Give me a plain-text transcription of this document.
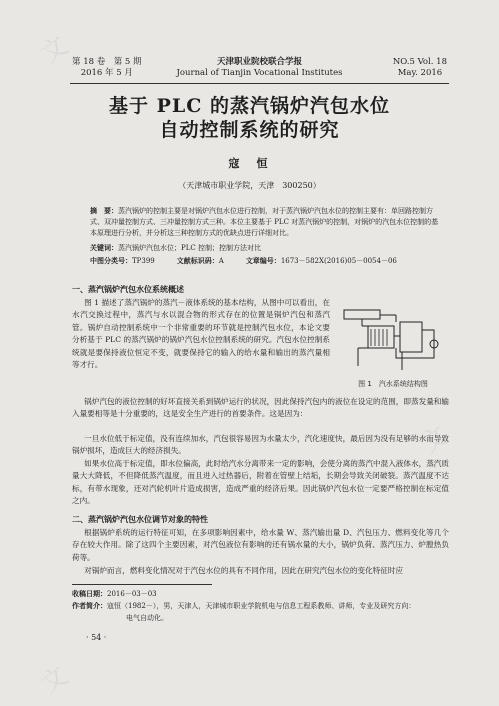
文
文
文
第 18 卷　第 5 期
2016 年 5 月
天津职业院校联合学报
Journal of Tianjin Vocational Institutes
NO.5 Vol. 18
May. 2016
基于 PLC 的蒸汽锅炉汽包水位
自动控制系统的研究
寇　恒
（天津城市职业学院，天津　300250）
摘　要：蒸汽锅炉的控制主要是对锅炉汽包水位进行控制，对于蒸汽锅炉汽包水位的控制主要有：单回路控制方式、双冲量控制方式、三冲量控制方式三种。本位主要基于 PLC 对蒸汽锅炉的控制，对锅炉的汽包水位控制的基本原理进行分析，并分析这三种控制方式的优缺点进行详细对比。
关键词：蒸汽锅炉汽包水位；PLC 控制；控制方法对比
中图分类号：TP399	文献标识码：A	文章编号：1673－582X(2016)05－0054－06
一、蒸汽锅炉汽包水位系统概述
图 1 描述了蒸汽锅炉的蒸汽－液体系统的基本结构，从图中可以看出，在水汽交换过程中，蒸汽与水以混合物的形式存在的位置是锅炉汽包和蒸汽管。锅炉自动控制系统中一个非常重要的环节就是控制汽包水位，本论文要分析基于 PLC 的蒸汽锅炉的锅炉汽包水位控制系统的研究。汽包水位控制系统就是要保持液位恒定不变，就要保持它的输入的给水量和输出的蒸汽量相等才行。
图 1　汽水系统结构图
锅炉汽包的液位控制的好坏直接关系到锅炉运行的状况，因此保持汽包内的液位在设定的范围，即蒸发量和输入量要相等是十分重要的，这是安全生产进行的首要条件。这是因为：
一旦水位低于标定值，没有连续加水，汽包很容易因为水量太少，汽化速度快，最后因为没有足够的水而导致锅炉损坏，造成巨大的经济损失。
如果水位高于标定值，即水位偏高，此时给汽水分离带来一定的影响，会使分离的蒸汽中混入液体水，蒸汽质量大大降低，不但降低蒸汽温度，而且进入过热器后，附着在管壁上结垢，长期会导致关闭破裂。蒸汽温度不达标，有带水现象，还对汽轮机叶片造成损害，造成严重的经济后果。因此锅炉汽包水位一定要严格控制在标定值之内。
二、蒸汽锅炉汽包水位调节对象的特性
根据锅炉系统的运行特征可知，在多项影响因素中，给水量 W、蒸汽输出量 D、汽包压力、燃料变化等几个存在较大作用。除了这四个主要因素，对汽包液位有影响的还有锅水量的大小，锅炉负荷、蒸汽压力、炉膛热负荷等。
对锅炉而言，燃料变化情况对于汽包水位的具有不同作用，因此在研究汽包水位的变化特征时应
收稿日期：2016－03－03
作者简介：寇恒（1982－），男，天津人，天津城市职业学院机电与信息工程系教师、讲师，专业及研究方向：
电气自动化。
· 54 ·
